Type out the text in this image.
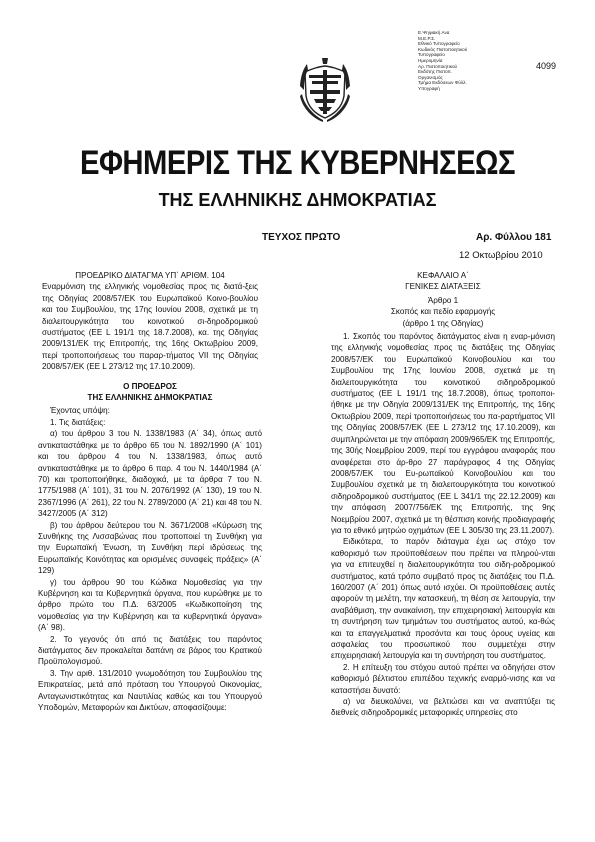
Ε.Ψηφιακή.Ανα
Μ.Ε.Ρ.Σ.
Εθνικό Τυπογραφείο
Κωδικός Πιστοποιητικού
Τυπογραφείο
Ημερομηνία
Αρ. Πιστοποιητικού
Εκδότης Πιστοπ.
Οργανισμός
Τμήμα Εκδόσεων Φύλλ.
Υπογραφή
4099
ΕΦΗΜΕΡΙΣ ΤΗΣ ΚΥΒΕΡΝΗΣΕΩΣ
ΤΗΣ ΕΛΛΗΝΙΚΗΣ ΔΗΜΟΚΡΑΤΙΑΣ
ΤΕΥΧΟΣ ΠΡΩΤΟ	Αρ. Φύλλου 181
12 Οκτωβρίου 2010

ΠΡΟΕΔΡΙΚΟ ΔΙΑΤΑΓΜΑ ΥΠ΄ ΑΡΙΘΜ. 104

Εναρμόνιση της ελληνικής νομοθεσίας προς τις διατά-ξεις της Οδηγίας 2008/57/ΕΚ του Ευρωπαϊκού Κοινο-βουλίου και του Συμβουλίου, της 17ης Ιουνίου 2008, σχετικά με τη διαλειτουργικότητα του κοινοτικού σι-δηροδρομικού συστήματος (ΕΕ L 191/1 της 18.7.2008), κα. της Οδηγίας 2009/131/ΕΚ της Επιτροπής, της 16ης Οκτωβρίου 2009, περί τροποποιήσεως του παραρ-τήματος VII της Οδηγίας 2008/57/ΕΚ (ΕΕ L 273/12 της 17.10.2009).

Ο ΠΡΟΕΔΡΟΣ

ΤΗΣ ΕΛΛΗΝΙΚΗΣ ΔΗΜΟΚΡΑΤΙΑΣ

Έχοντας υπόψη:

1. Τις διατάξεις:

α) του άρθρου 3 του Ν. 1338/1983 (Α΄ 34), όπως αυτό αντικαταστάθηκε με το άρθρο 65 του Ν. 1892/1990 (Α΄ 101) και του άρθρου 4 του Ν. 1338/1983, όπως αυτό αντικαταστάθηκε με το άρθρο 6 παρ. 4 του Ν. 1440/1984 (Α΄ 70) και τροποποιήθηκε, διαδοχικά, με τα άρθρα 7 του Ν. 1775/1988 (Α΄ 101), 31 του Ν. 2076/1992 (Α΄ 130), 19 του Ν. 2367/1996 (Α΄ 261), 22 του Ν. 2789/2000 (Α΄ 21) και 48 του Ν. 3427/2005 (Α΄ 312)

β) του άρθρου δεύτερου του Ν. 3671/2008 «Κύρωση της Συνθήκης της Λισσαβώνας που τροποποιεί τη Συνθήκη για την Ευρωπαϊκή Ένωση, τη Συνθήκη περί ιδρύσεως της Ευρωπαϊκής Κοινότητας και ορισμένες συναφείς πράξεις» (Α΄ 129)

γ) του άρθρου 90 του Κώδικα Νομοθεσίας για την Κυβέρνηση και τα Κυβερνητικά όργανα, που κυρώθηκε με το άρθρο πρώτο του Π.Δ. 63/2005 «Κωδικοποίηση της νομοθεσίας για την Κυβέρνηση και τα κυβερνητικά όργανα» (Α΄ 98).

2. Το γεγονός ότι από τις διατάξεις του παρόντος διατάγματος δεν προκαλείται δαπάνη σε βάρος του Κρατικού Προϋπολογισμού.

3. Την αριθ. 131/2010 γνωμοδότηση του Συμβουλίου της Επικρατείας, μετά από πρόταση του Υπουργού Οικονομίας, Ανταγωνιστικότητας και Ναυτιλίας καθώς και του Υπουργού Υποδομών, Μεταφορών και Δικτύων, αποφασίζουμε:

ΚΕΦΑΛΑΙΟ Α΄

ΓΕΝΙΚΕΣ ΔΙΑΤΑΞΕΙΣ

Άρθρο 1

Σκοπός και πεδίο εφαρμογής

(άρθρο 1 της Οδηγίας)

1. Σκοπός του παρόντος διατάγματος είναι η εναρ-μόνιση της ελληνικής νομοθεσίας προς τις διατάξεις της Οδηγίας 2008/57/ΕΚ του Ευρωπαϊκού Κοινοβουλίου και του Συμβουλίου της 17ης Ιουνίου 2008, σχετικά με τη διαλειτουργικότητα του κοινοτικού σιδηροδρομικού συστήματος (ΕΕ L 191/1 της 18.7.2008), όπως τροποποι-ήθηκε με την Οδηγία 2009/131/ΕΚ της Επιτροπής, της 16ης Οκτωβρίου 2009, περί τροποποιήσεως του πα-ραρτήματος VII της Οδηγίας 2008/57/ΕΚ (ΕΕ L 273/12 της 17.10.2009), και συμπληρώνεται με την απόφαση 2009/965/ΕΚ της Επιτροπής, της 30ής Νοεμβρίου 2009, περί του εγγράφου αναφοράς που αναφέρεται στο άρ-θρο 27 παράγραφος 4 της Οδηγίας 2008/57/ΕΚ του Ευ-ρωπαϊκού Κοινοβουλίου και του Συμβουλίου σχετικά με τη διαλειτουργικότητα του κοινοτικού σιδηροδρομικού συστήματος (ΕΕ L 341/1 της 22.12.2009) και την απόφαση 2007/756/ΕΚ της Επιτροπής, της 9ης Νοεμβρίου 2007, σχετικά με τη θέσπιση κοινής προδιαγραφής για το εθνικό μητρώο οχημάτων (ΕΕ L 305/30 της 23.11.2007).

Ειδικότερα, το παρόν διάταγμα έχει ως στόχο τον καθορισμό των προϋποθέσεων που πρέπει να πληρού-νται για να επιτευχθεί η διαλειτουργικότητα του σιδη-ροδρομικού συστήματος, κατά τρόπο συμβατό προς τις διατάξεις του Π.Δ. 160/2007 (Α΄ 201) όπως αυτό ισχύει. Οι προϋποθέσεις αυτές αφορούν τη μελέτη, την κατασκευή, τη θέση σε λειτουργία, την αναβάθμιση, την ανακαίνιση, την επιχειρησιακή λειτουργία και τη συντήρηση των τμημάτων του συστήματος αυτού, κα-θώς και τα επαγγελματικά προσόντα και τους όρους υγείας και ασφαλείας του προσωπικού που συμμετέχει στην επιχειρησιακή λειτουργία και τη συντήρηση του συστήματος.

2. Η επίτευξη του στόχου αυτού πρέπει να οδηγήσει στον καθορισμό βέλτιστου επιπέδου τεχνικής εναρμό-νισης και να καταστήσει δυνατό:

α) να διευκολύνει, να βελτιώσει και να αναπτύξει τις διεθνείς σιδηροδρομικές μεταφορικές υπηρεσίες στο
